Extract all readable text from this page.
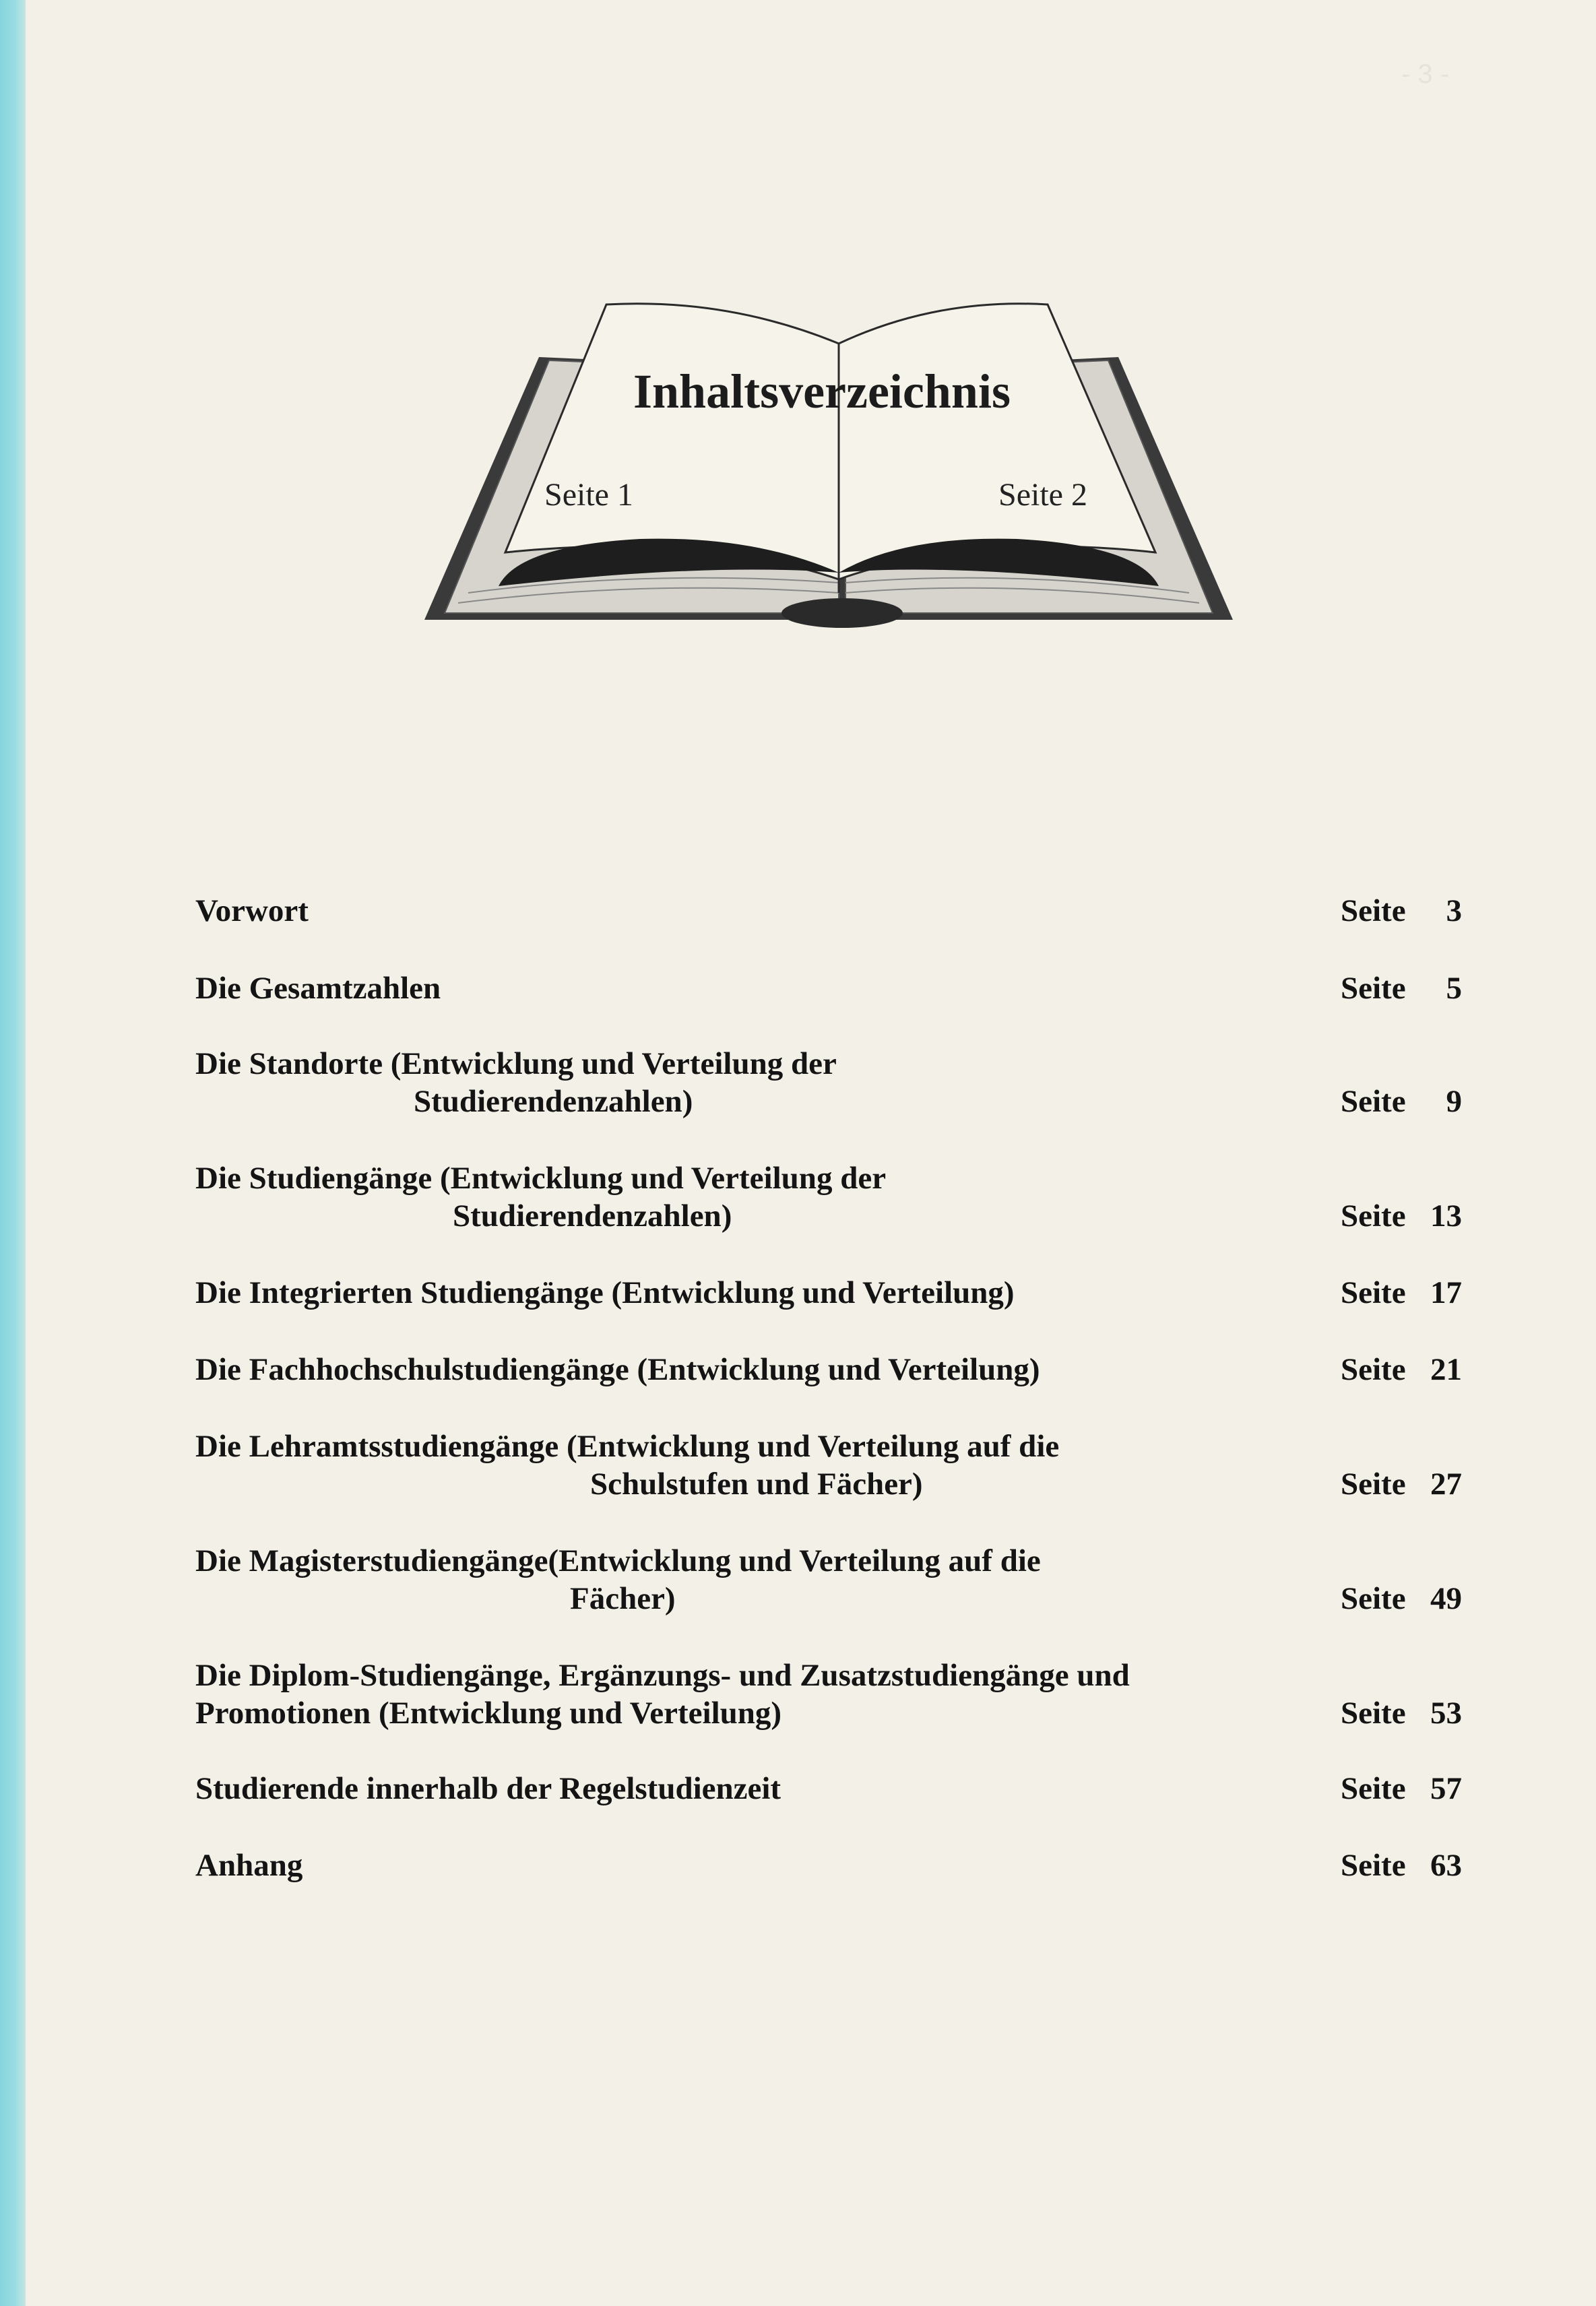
- 3 -
Inhaltsverzeichnis
Seite 1	Seite 2
Vorwort	Seite	3
Die Gesamtzahlen	Seite	5
Die Standorte (Entwicklung und Verteilung der
Studierendenzahlen)	Seite	9
Die Studiengänge (Entwicklung und Verteilung der
Studierendenzahlen)	Seite 13
Die Integrierten Studiengänge (Entwicklung und Verteilung)	Seite 17
Die Fachhochschulstudiengänge (Entwicklung und Verteilung)	Seite 21
Die Lehramtsstudiengänge (Entwicklung und Verteilung auf die
Schulstufen und Fächer)	Seite 27
Die Magisterstudiengänge(Entwicklung und Verteilung auf die
Fächer)	Seite 49
Die Diplom-Studiengänge, Ergänzungs- und Zusatzstudiengänge und
Promotionen (Entwicklung und Verteilung)	Seite 53
Studierende innerhalb der Regelstudienzeit	Seite 57
Anhang	Seite 63
